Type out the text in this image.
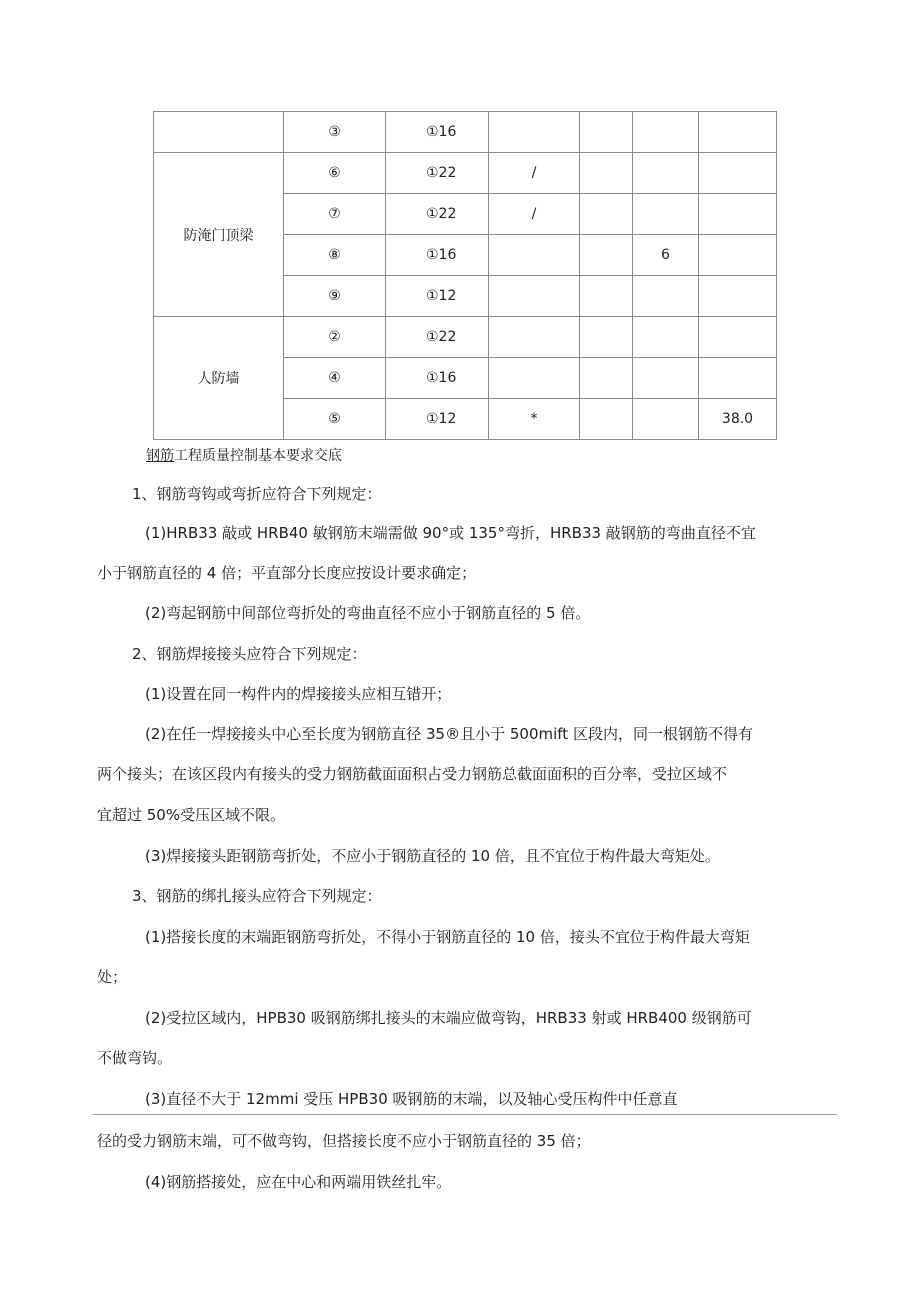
	③	①16				
防淹门顶梁	⑥	①22	/			
	⑦	①22	/			
	⑧	①16			6	
	⑨	①12				
人防墙	②	①22				
	④	①16				
	⑤	①12	*			38.0
钢筋工程质量控制基本要求交底
1、钢筋弯钩或弯折应符合下列规定：
(1)HRB33 敲或 HRB40 敏钢筋末端需做 90°或 135°弯折，HRB33 敲钢筋的弯曲直径不宜
小于钢筋直径的 4 倍；平直部分长度应按设计要求确定；
(2)弯起钢筋中间部位弯折处的弯曲直径不应小于钢筋直径的 5 倍。
2、钢筋焊接接头应符合下列规定：
(1)设置在同一构件内的焊接接头应相互错开；
(2)在任一焊接接头中心至长度为钢筋直径 35®且小于 500mift 区段内，同一根钢筋不得有
两个接头；在该区段内有接头的受力钢筋截面面积占受力钢筋总截面面积的百分率，受拉区域不
宜超过 50%受压区域不限。
(3)焊接接头距钢筋弯折处，不应小于钢筋直径的 10 倍，且不宜位于构件最大弯矩处。
3、钢筋的绑扎接头应符合下列规定：
(1)搭接长度的末端距钢筋弯折处，不得小于钢筋直径的 10 倍，接头不宜位于构件最大弯矩
处；
(2)受拉区域内，HPB30 吸钢筋绑扎接头的末端应做弯钩，HRB33 射或 HRB400 级钢筋可
不做弯钩。
(3)直径不大于 12mmi 受压 HPB30 吸钢筋的末端，以及轴心受压构件中任意直
径的受力钢筋末端，可不做弯钩，但搭接长度不应小于钢筋直径的 35 倍；
(4)钢筋搭接处，应在中心和两端用铁丝扎牢。
